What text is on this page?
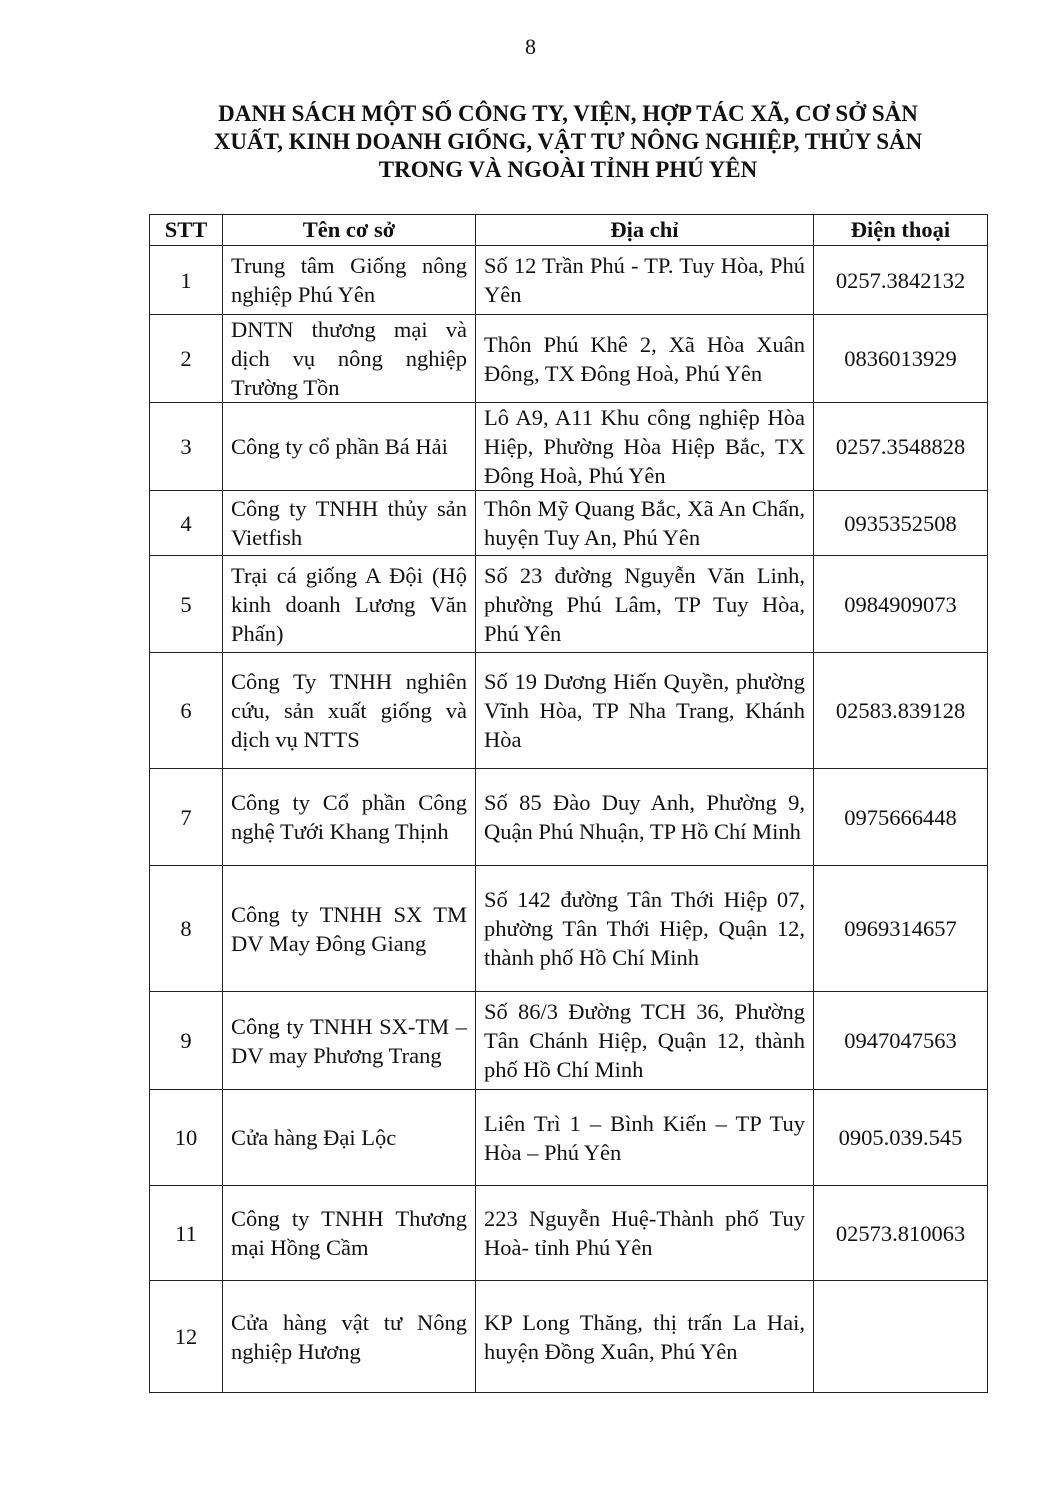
8
DANH SÁCH MỘT SỐ CÔNG TY, VIỆN, HỢP TÁC XÃ, CƠ SỞ SẢN
XUẤT, KINH DOANH GIỐNG, VẬT TƯ NÔNG NGHIỆP, THỦY SẢN
TRONG VÀ NGOÀI TỈNH PHÚ YÊN
STT	Tên cơ sở	Địa chỉ	Điện thoại
1	Trung tâm Giống nông nghiệp Phú Yên	Số 12 Trần Phú - TP. Tuy Hòa, Phú Yên	0257.3842132
2	DNTN thương mại và dịch vụ nông nghiệp Trường Tồn	Thôn Phú Khê 2, Xã Hòa Xuân Đông, TX Đông Hoà, Phú Yên	0836013929
3	Công ty cổ phần Bá Hải	Lô A9, A11 Khu công nghiệp Hòa Hiệp, Phường Hòa Hiệp Bắc, TX Đông Hoà, Phú Yên	0257.3548828
4	Công ty TNHH thủy sản Vietfish	Thôn Mỹ Quang Bắc, Xã An Chấn, huyện Tuy An, Phú Yên	0935352508
5	Trại cá giống A Đội (Hộ kinh doanh Lương Văn Phấn)	Số 23 đường Nguyễn Văn Linh, phường Phú Lâm, TP Tuy Hòa, Phú Yên	0984909073
6	Công Ty TNHH nghiên cứu, sản xuất giống và dịch vụ NTTS	Số 19 Dương Hiến Quyền, phường Vĩnh Hòa, TP Nha Trang, Khánh Hòa	02583.839128
7	Công ty Cổ phần Công nghệ Tưới Khang Thịnh	Số 85 Đào Duy Anh, Phường 9, Quận Phú Nhuận, TP Hồ Chí Minh	0975666448
8	Công ty TNHH SX TM DV May Đông Giang	Số 142 đường Tân Thới Hiệp 07, phường Tân Thới Hiệp, Quận 12, thành phố Hồ Chí Minh	0969314657
9	Công ty TNHH SX-TM – DV may Phương Trang	Số 86/3 Đường TCH 36, Phường Tân Chánh Hiệp, Quận 12, thành phố Hồ Chí Minh	0947047563
10	Cửa hàng Đại Lộc	Liên Trì 1 – Bình Kiến – TP Tuy Hòa – Phú Yên	0905.039.545
11	Công ty TNHH Thương mại Hồng Cầm	223 Nguyễn Huệ-Thành phố Tuy Hoà- tỉnh Phú Yên	02573.810063
12	Cửa hàng vật tư Nông nghiệp Hương	KP Long Thăng, thị trấn La Hai, huyện Đồng Xuân, Phú Yên	
